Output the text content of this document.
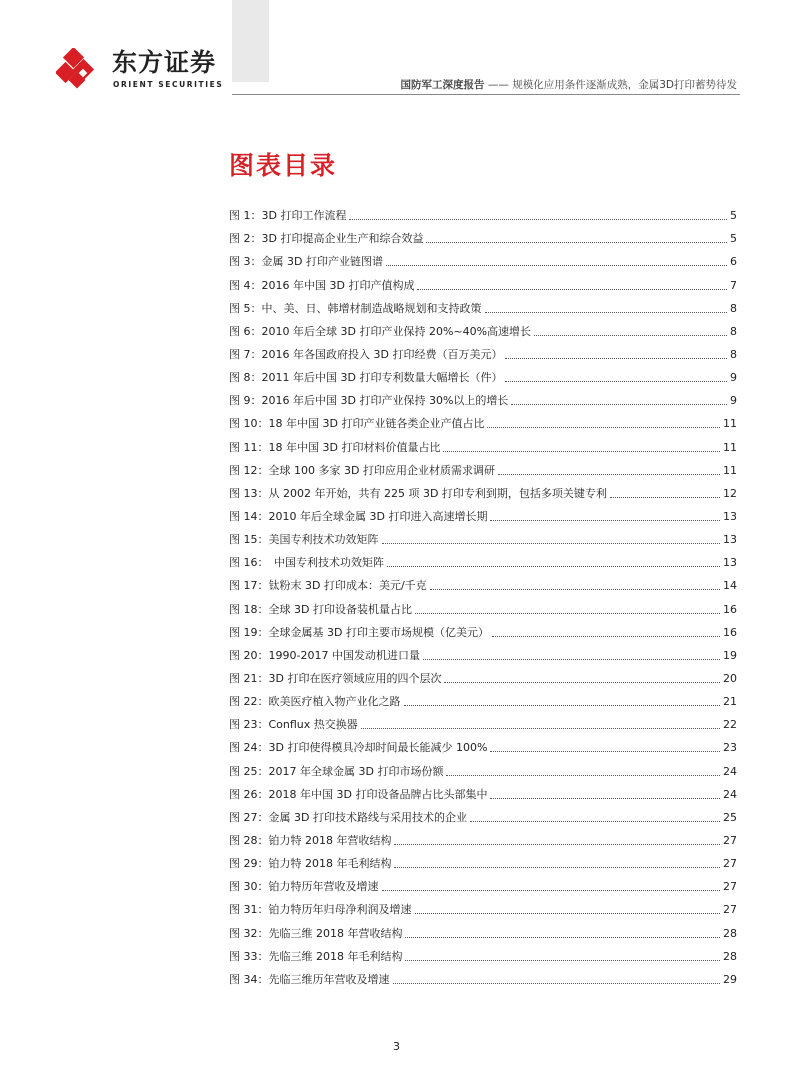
东方证券
ORIENT SECURITIES	国防军工深度报告 —— 规模化应用条件逐渐成熟，金属3D打印蓄势待发
图表目录
图 1：3D 打印工作流程	5
图 2：3D 打印提高企业生产和综合效益	5
图 3：金属 3D 打印产业链图谱	6
图 4：2016 年中国 3D 打印产值构成	7
图 5：中、美、日、韩增材制造战略规划和支持政策	8
图 6：2010 年后全球 3D 打印产业保持 20%~40%高速增长	8
图 7：2016 年各国政府投入 3D 打印经费（百万美元）	8
图 8：2011 年后中国 3D 打印专利数量大幅增长（件）	9
图 9：2016 年后中国 3D 打印产业保持 30%以上的增长	9
图 10：18 年中国 3D 打印产业链各类企业产值占比	11
图 11：18 年中国 3D 打印材料价值量占比	11
图 12：全球 100 多家 3D 打印应用企业材质需求调研	11
图 13：从 2002 年开始，共有 225 项 3D 打印专利到期，包括多项关键专利	12
图 14：2010 年后全球金属 3D 打印进入高速增长期	13
图 15：美国专利技术功效矩阵	13
图 16：　中国专利技术功效矩阵	13
图 17：钛粉末 3D 打印成本：美元/千克	14
图 18：全球 3D 打印设备装机量占比	16
图 19：全球金属基 3D 打印主要市场规模（亿美元）	16
图 20：1990-2017 中国发动机进口量	19
图 21：3D 打印在医疗领域应用的四个层次	20
图 22：欧美医疗植入物产业化之路	21
图 23：Conflux 热交换器	22
图 24：3D 打印使得模具冷却时间最长能减少 100%	23
图 25：2017 年全球金属 3D 打印市场份额	24
图 26：2018 年中国 3D 打印设备品牌占比头部集中	24
图 27：金属 3D 打印技术路线与采用技术的企业	25
图 28：铂力特 2018 年营收结构	27
图 29：铂力特 2018 年毛利结构	27
图 30：铂力特历年营收及增速	27
图 31：铂力特历年归母净利润及增速	27
图 32：先临三维 2018 年营收结构	28
图 33：先临三维 2018 年毛利结构	28
图 34：先临三维历年营收及增速	29
3
